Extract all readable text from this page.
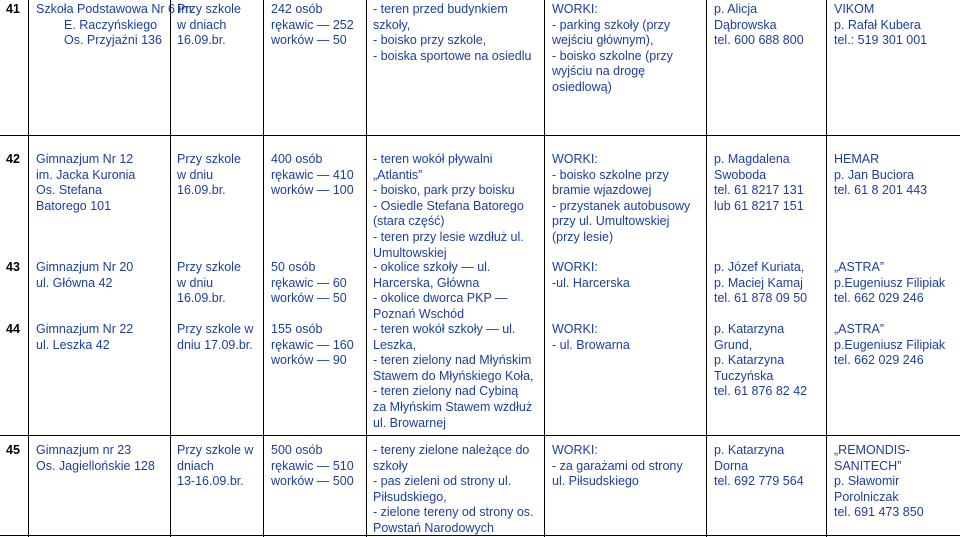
41 Szkoła Podstawowa Nr 6 im.
E. Raczyńskiego
Os. Przyjaźni 136
Przy szkole
w dniach
16.09.br.
242 osób
rękawic — 252
worków — 50
- teren przed budynkiem
szkoły,
- boisko przy szkole,
- boiska sportowe na osiedlu
WORKI:
- parking szkoły (przy
wejściu głównym),
- boisko szkolne (przy
wyjściu na drogę
osiedlową)
p. Alicja
Dąbrowska
tel. 600 688 800
VIKOM
p. Rafał Kubera
tel.: 519 301 001
42 Gimnazjum Nr 12
im. Jacka Kuronia
Os. Stefana
Batorego 101
Przy szkole
w dniu
16.09.br.
400 osób
rękawic — 410
worków — 100
- teren wokół pływalni
„Atlantis”
- boisko, park przy boisku
- Osiedle Stefana Batorego
(stara część)
- teren przy lesie wzdłuż ul.
Umultowskiej
WORKI:
- boisko szkolne przy
bramie wjazdowej
- przystanek autobusowy
przy ul. Umultowskiej
(przy lesie)
p. Magdalena
Swoboda
tel. 61 8217 131
lub 61 8217 151
HEMAR
p. Jan Buciora
tel. 61 8 201 443
43 Gimnazjum Nr 20
ul. Główna 42
Przy szkole
w dniu
16.09.br.
50 osób
rękawic — 60
worków — 50
- okolice szkoły — ul.
Harcerska, Główna
- okolice dworca PKP —
Poznań Wschód
WORKI:
-ul. Harcerska
p. Józef Kuriata,
p. Maciej Kamaj
tel. 61 878 09 50
„ASTRA”
p.Eugeniusz Filipiak
tel. 662 029 246
44 Gimnazjum Nr 22
ul. Leszka 42
Przy szkole w
dniu 17.09.br.
155 osób
rękawic — 160
worków — 90
- teren wokół szkoły — ul.
Leszka,
- teren zielony nad Młyńskim
Stawem do Młyńskiego Koła,
- teren zielony nad Cybiną
za Młyńskim Stawem wzdłuż
ul. Browarnej
WORKI:
- ul. Browarna
p. Katarzyna
Grund,
p. Katarzyna
Tuczyńska
tel. 61 876 82 42
„ASTRA”
p.Eugeniusz Filipiak
tel. 662 029 246
45 Gimnazjum nr 23
Os. Jagiellońskie 128
Przy szkole w
dniach
13-16.09.br.
500 osób
rękawic — 510
worków — 500
- tereny zielone należące do
szkoły
- pas zieleni od strony ul.
Piłsudskiego,
- zielone tereny od strony os.
Powstań Narodowych
WORKI:
- za garażami od strony
ul. Piłsudskiego
p. Katarzyna
Dorna
tel. 692 779 564
„REMONDIS-
SANITECH”
p. Sławomir
Porolniczak
tel. 691 473 850
